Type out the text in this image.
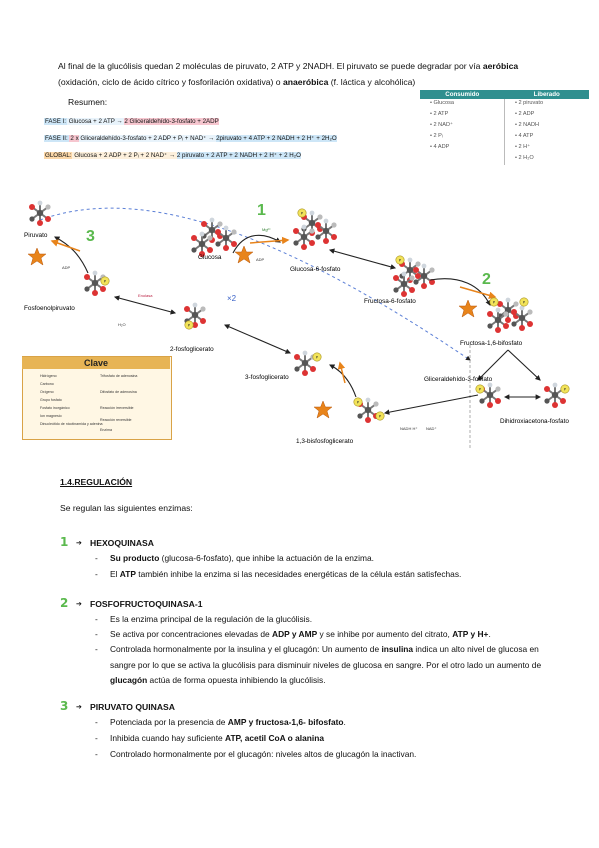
Al final de la glucólisis quedan 2 moléculas de piruvato, 2 ATP y 2NADH. El piruvato se puede degradar por vía aeróbica (oxidación, ciclo de ácido cítrico y fosforilación oxidativa) o anaeróbica (f. láctica y alcohólica)
Resumen:
FASE I: Glucosa + 2 ATP → 2 Gliceraldehído-3-fosfato + 2ADP
FASE II: 2 x Gliceraldehído-3-fosfato + 2 ADP + Pᵢ + NAD⁺ → 2piruvato + 4 ATP + 2 NADH + 2 H⁺ + 2H₂O
GLOBAL: Glucosa + 2 ADP + 2 Pᵢ + 2 NAD⁺ → 2 piruvato + 2 ATP + 2 NADH + 2 H⁺ + 2 H₂O
Consumido	Liberado
• Glucosa	• 2 piruvato
• 2 ATP	• 2 ADP
• 2 NAD⁺	• 2 NADH
• 2 Pᵢ	• 4 ATP
• 4 ADP	• 2 H⁺
	• 2 H₂O
×2
Glucosa	ADP
Mg²⁺
1
Glucosa-6-fosfato
Fructosa-6-fosfato
2
Fructosa-1,6-bifosfato
Gliceraldehído-3-fosfato
Dihidroxiacetona-fosfato
NADH H⁺ NAD⁺
1,3-bisfosfoglicerato
3-fosfoglicerato
2-fosfoglicerato
Enolasa
H₂O
Fosfoenolpiruvato
ADP
3
Piruvato
Clave
Hidrógeno
Carbono
Oxígeno
Grupo fosfato
Fosfato inorgánico
Ion magnesio
Dinucleótido de nicotinamida y adenina
Trifosfato de adenosina
Difosfato de adenosina
Reacción irreversible
Reacción reversible
Enzima
1.4.REGULACIÓN
Se regulan las siguientes enzimas:
1 ➔ HEXOQUINASA
- Su producto (glucosa-6-fosfato), que inhibe la actuación de la enzima.
- El ATP también inhibe la enzima si las necesidades energéticas de la célula están satisfechas.
2 ➔ FOSFOFRUCTOQUINASA-1
- Es la enzima principal de la regulación de la glucólisis.
- Se activa por concentraciones elevadas de ADP y AMP y se inhibe por aumento del citrato, ATP y H+.
- Controlada hormonalmente por la insulina y el glucagón: Un aumento de insulina indica un alto nivel de glucosa en sangre por lo que se activa la glucólisis para disminuir niveles de glucosa en sangre. Por el otro lado un aumento de glucagón actúa de forma opuesta inhibiendo la glucólisis.
3 ➔ PIRUVATO QUINASA
- Potenciada por la presencia de AMP y fructosa-1,6- bifosfato.
- Inhibida cuando hay suficiente ATP, acetil CoA o alanina
- Controlado hormonalmente por el glucagón: niveles altos de glucagón la inactivan.
